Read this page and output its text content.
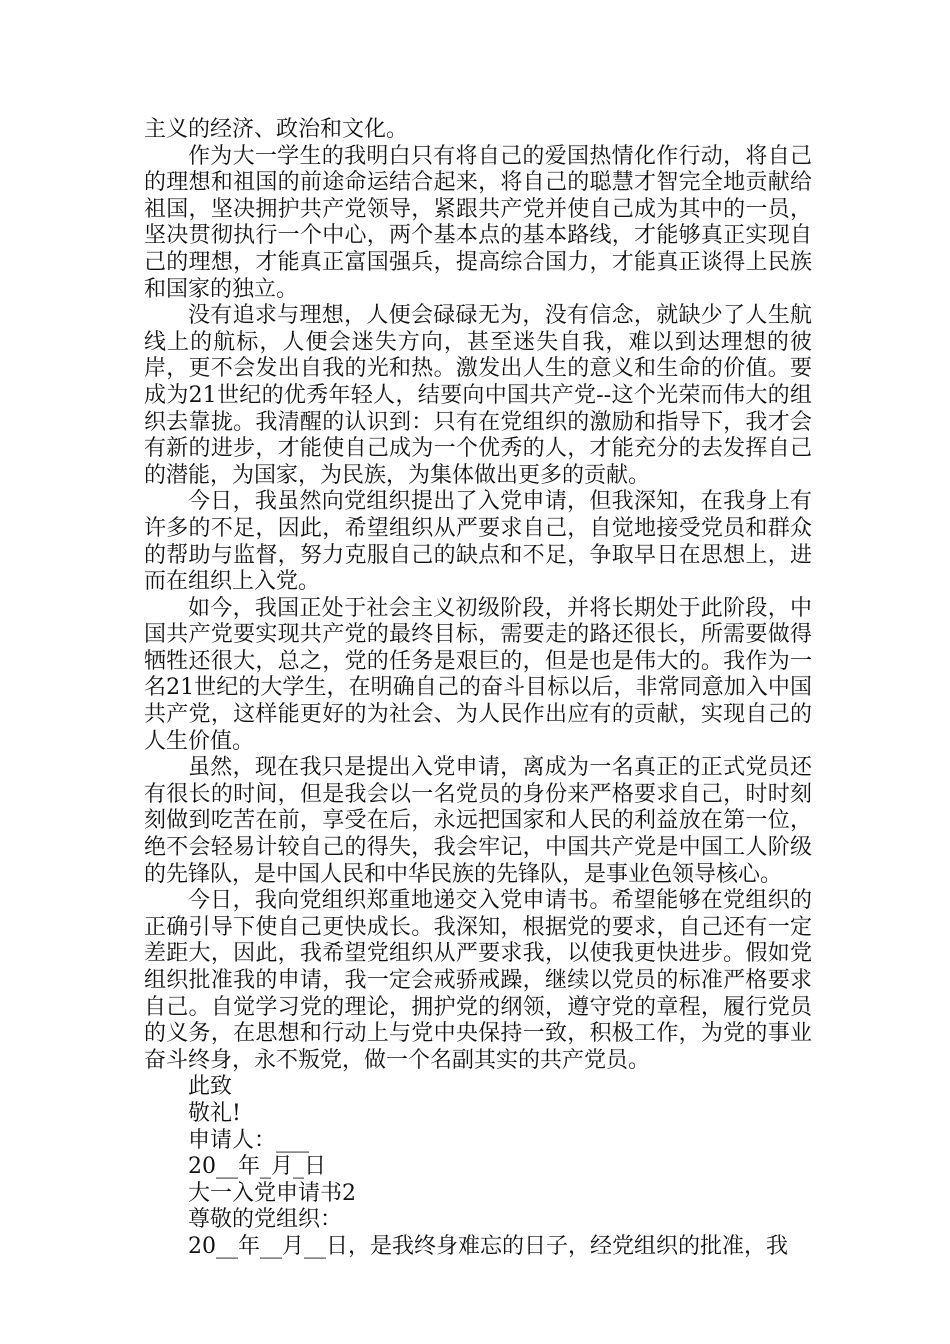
主义的经济、政治和文化。

作为大一学生的我明白只有将自己的爱国热情化作行动，将自己的理想和祖国的前途命运结合起来，将自己的聪慧才智完全地贡献给祖国，坚决拥护共产党领导，紧跟共产党并使自己成为其中的一员，坚决贯彻执行一个中心，两个基本点的基本路线，才能够真正实现自己的理想，才能真正富国强兵，提高综合国力，才能真正谈得上民族和国家的独立。

没有追求与理想，人便会碌碌无为，没有信念，就缺少了人生航线上的航标，人便会迷失方向，甚至迷失自我，难以到达理想的彼岸，更不会发出自我的光和热。激发出人生的意义和生命的价值。要成为21世纪的优秀年轻人，结要向中国共产党--这个光荣而伟大的组织去靠拢。我清醒的认识到：只有在党组织的激励和指导下，我才会有新的进步，才能使自己成为一个优秀的人，才能充分的去发挥自己的潜能，为国家，为民族，为集体做出更多的贡献。

今日，我虽然向党组织提出了入党申请，但我深知，在我身上有许多的不足，因此，希望组织从严要求自己，自觉地接受党员和群众的帮助与监督，努力克服自己的缺点和不足，争取早日在思想上，进而在组织上入党。

如今，我国正处于社会主义初级阶段，并将长期处于此阶段，中国共产党要实现共产党的最终目标，需要走的路还很长，所需要做得牺牲还很大，总之，党的任务是艰巨的，但是也是伟大的。我作为一名21世纪的大学生，在明确自己的奋斗目标以后，非常同意加入中国共产党，这样能更好的为社会、为人民作出应有的贡献，实现自己的人生价值。

虽然，现在我只是提出入党申请，离成为一名真正的正式党员还有很长的时间，但是我会以一名党员的身份来严格要求自己，时时刻刻做到吃苦在前，享受在后，永远把国家和人民的利益放在第一位，绝不会轻易计较自己的得失，我会牢记，中国共产党是中国工人阶级的先锋队，是中国人民和中华民族的先锋队，是事业色领导核心。

今日，我向党组织郑重地递交入党申请书。希望能够在党组织的正确引导下使自己更快成长。我深知，根据党的要求，自己还有一定差距大，因此，我希望党组织从严要求我，以使我更快进步。假如党组织批准我的申请，我一定会戒骄戒躁，继续以党员的标准严格要求自己。自觉学习党的理论，拥护党的纲领，遵守党的章程，履行党员的义务，在思想和行动上与党中央保持一致，积极工作，为党的事业奋斗终身，永不叛党，做一个名副其实的共产党员。

此致

敬礼!

申请人：___

20__年_月_日

大一入党申请书2

尊敬的党组织：

20__年__月__日，是我终身难忘的日子，经党组织的批准，我
